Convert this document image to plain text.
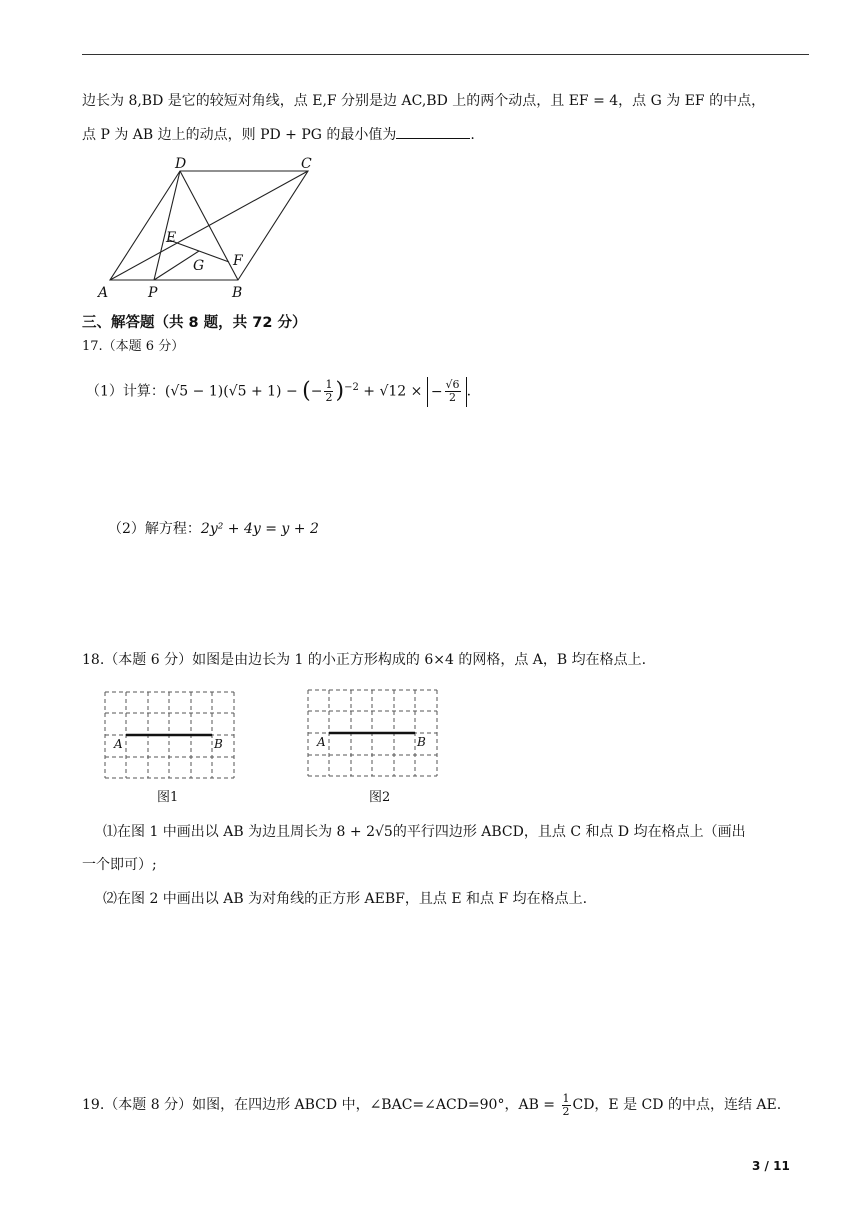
边长为 8,BD 是它的较短对角线，点 E,F 分别是边 AC,BD 上的两个动点，且 EF = 4，点 G 为 EF 的中点，
点 P 为 AB 边上的动点，则 PD + PG 的最小值为	.
A	B
C
D
E
F
G
P
三、解答题（共 8 题，共 72 分）
17.（本题 6 分）
（1）计算：(√5 − 1)(√5 + 1) − (− $\frac{1}{2} )^{-2} + √12$ × − $\frac{√6}{2}$ .
（2）解方程：2y² + 4y = y + 2
18.（本题 6 分）如图是由边长为 1 的小正方形构成的 6×4 的网格，点 A，B 均在格点上.
A	B
图1
A	B
图2
⑴在图 1 中画出以 AB 为边且周长为 8 + 2√5的平行四边形 ABCD，且点 C 和点 D 均在格点上（画出
一个即可）;
⑵在图 2 中画出以 AB 为对角线的正方形 AEBF，且点 E 和点 F 均在格点上.
19.（本题 8 分）如图，在四边形 ABCD 中，∠BAC=∠ACD=90°，AB = $\frac{1}{2}$ CD，E 是 CD 的中点，连结 AE.
3 / 11
